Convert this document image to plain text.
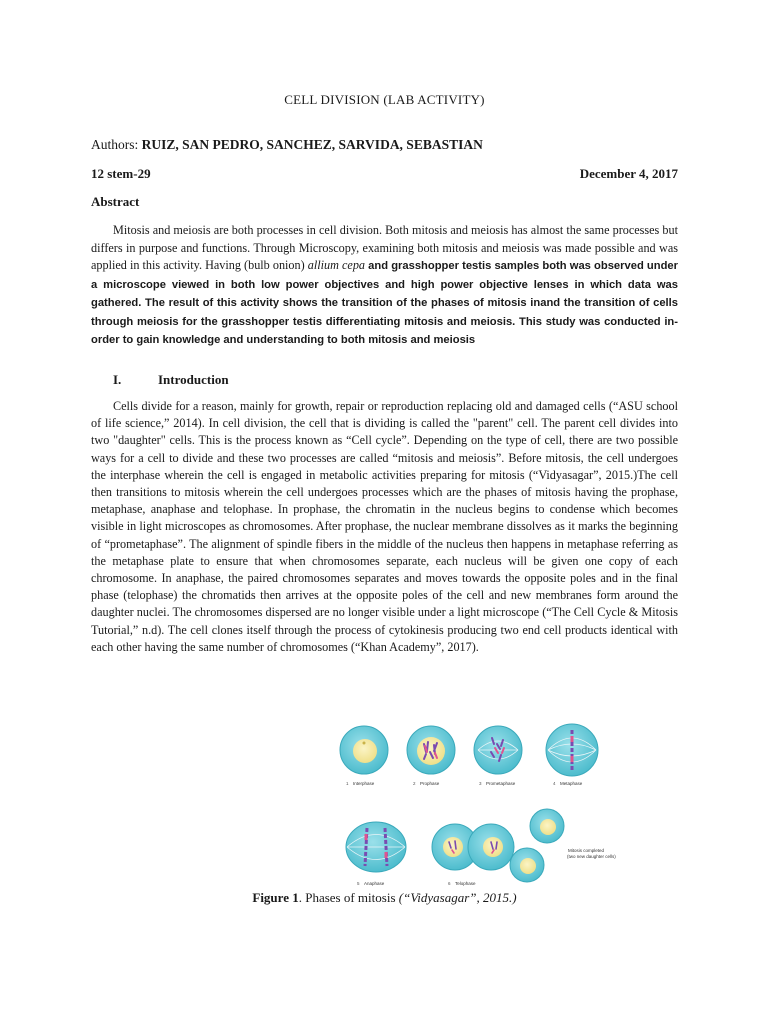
CELL DIVISION (LAB ACTIVITY)
Authors: RUIZ, SAN PEDRO, SANCHEZ, SARVIDA, SEBASTIAN
12 stem-29	December 4, 2017
Abstract
Mitosis and meiosis are both processes in cell division. Both mitosis and meiosis has almost the same processes but differs in purpose and functions. Through Microscopy, examining both mitosis and meiosis was made possible and was applied in this activity. Having (bulb onion) allium cepa and grasshopper testis samples both was observed under a microscope viewed in both low power objectives and high power objective lenses in which data was gathered. The result of this activity shows the transition of the phases of mitosis inand the transition of cells through meiosis for the grasshopper testis differentiating mitosis and meiosis. This study was conducted in-order to gain knowledge and understanding to both mitosis and meiosis
I.	Introduction
Cells divide for a reason, mainly for growth, repair or reproduction replacing old and damaged cells (“ASU school of life science,” 2014). In cell division, the cell that is dividing is called the "parent" cell. The parent cell divides into two "daughter" cells. This is the process known as “Cell cycle”. Depending on the type of cell, there are two possible ways for a cell to divide and these two processes are called “mitosis and meiosis”. Before mitosis, the cell undergoes the interphase wherein the cell is engaged in metabolic activities preparing for mitosis (“Vidyasagar”, 2015.)The cell then transitions to mitosis wherein the cell undergoes processes which are the phases of mitosis having the prophase, metaphase, anaphase and telophase. In prophase, the chromatin in the nucleus begins to condense which becomes visible in light microscopes as chromosomes. After prophase, the nuclear membrane dissolves as it marks the beginning of “prometaphase”. The alignment of spindle fibers in the middle of the nucleus then happens in metaphase referring as the metaphase plate to ensure that when chromosomes separate, each nucleus will be given one copy of each chromosome. In anaphase, the paired chromosomes separates and moves towards the opposite poles and in the final phase (telophase) the chromatids then arrives at the opposite poles of the cell and new membranes form around the daughter nuclei. The chromosomes dispersed are no longer visible under a light microscope (“The Cell Cycle & Mitosis Tutorial,” n.d). The cell clones itself through the process of cytokinesis producing two end cell products identical with each other having the same number of chromosomes (“Khan Academy”, 2017).
1 Interphase	2 Prophase	3 Prometaphase	4 Metaphase
Mitosis completed
(two new daughter cells)
5 Anaphase	6 Telophase
Figure 1. Phases of mitosis (“Vidyasagar”, 2015.)
